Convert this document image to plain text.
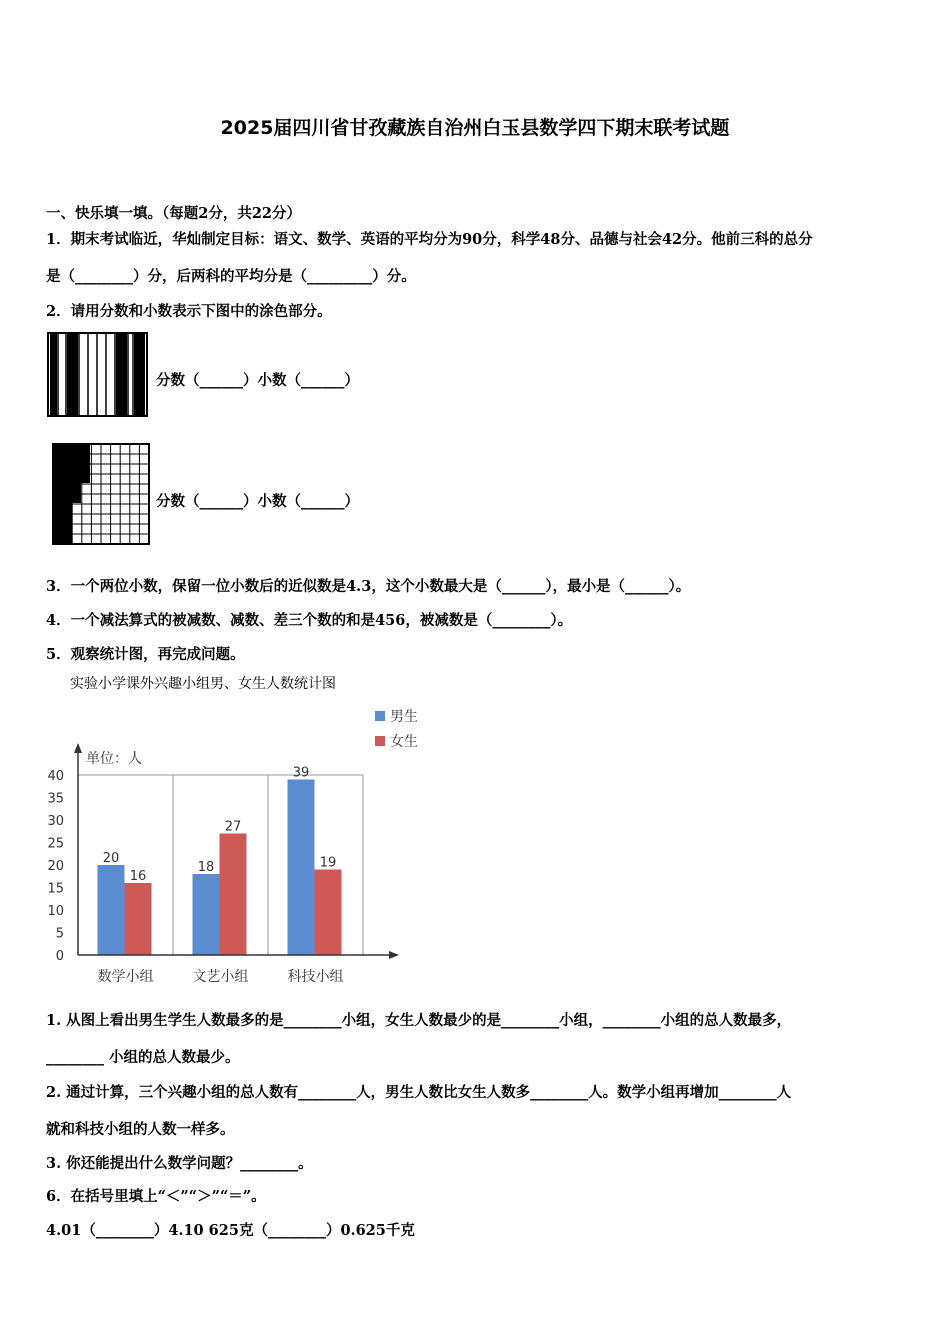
2025届四川省甘孜藏族自治州白玉县数学四下期末联考试题
一、快乐填一填。（每题2分，共22分）
1．期末考试临近，华灿制定目标：语文、数学、英语的平均分为90分，科学48分、品德与社会42分。他前三科的总分
是（________）分，后两科的平均分是（_________）分。
2．请用分数和小数表示下图中的涂色部分。
分数（______）小数（______）
分数（______）小数（______）
3．一个两位小数，保留一位小数后的近似数是4.3，这个小数最大是（______），最小是（______）。
4．一个减法算式的被减数、减数、差三个数的和是456，被减数是（________）。
5．观察统计图，再完成问题。
实验小学课外兴趣小组男、女生人数统计图
20
16
18
27
39
19
0
5
10
15
20
25
30
35
40
单位：人
数学小组	文艺小组	科技小组
男生
女生
1. 从图上看出男生学生人数最多的是________小组，女生人数最少的是________小组，________小组的总人数最多，
________ 小组的总人数最少。
2. 通过计算，三个兴趣小组的总人数有________人，男生人数比女生人数多________人。数学小组再增加________人
就和科技小组的人数一样多。
3. 你还能提出什么数学问题？________。
6．在括号里填上“＜”“＞”“＝”。
4.01（________）4.10 625克（________）0.625千克
